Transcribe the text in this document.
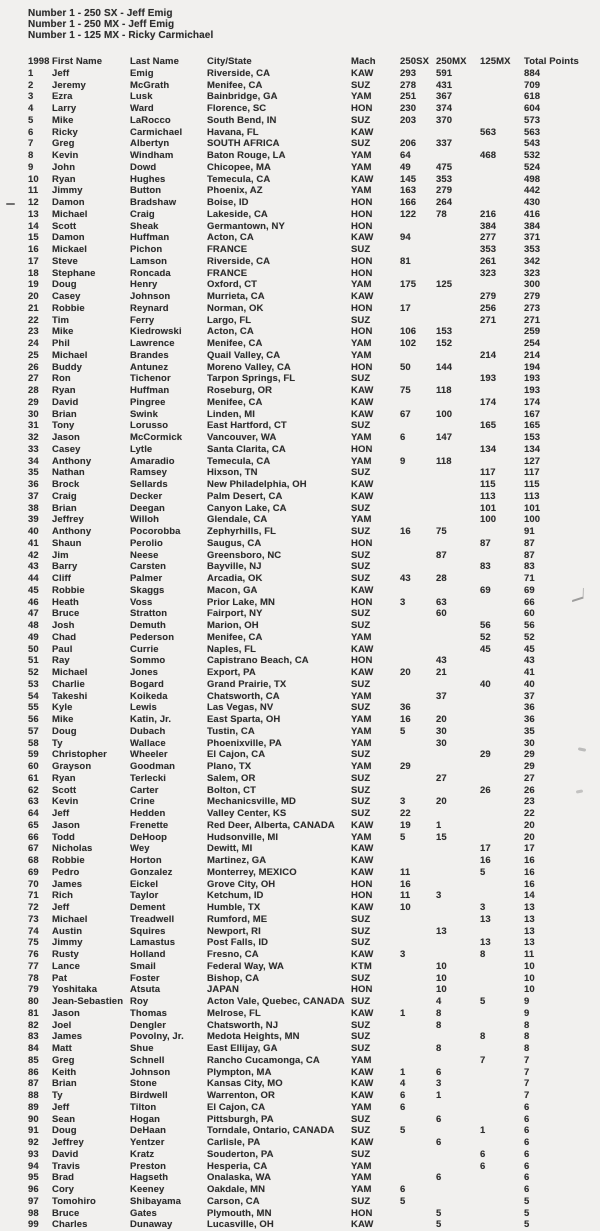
Number 1 - 250 SX - Jeff Emig
Number 1 - 250 MX - Jeff Emig
Number 1 - 125 MX - Ricky Carmichael
1998	First Name	Last Name	City/State	Mach	250SX	250MX	125MX	Total Points
1	Jeff	Emig	Riverside, CA	KAW	293	591		884
2	Jeremy	McGrath	Menifee, CA	SUZ	278	431		709
3	Ezra	Lusk	Bainbridge, GA	YAM	251	367		618
4	Larry	Ward	Florence, SC	HON	230	374		604
5	Mike	LaRocco	South Bend, IN	SUZ	203	370		573
6	Ricky	Carmichael	Havana, FL	KAW			563	563
7	Greg	Albertyn	SOUTH AFRICA	SUZ	206	337		543
8	Kevin	Windham	Baton Rouge, LA	YAM	64		468	532
9	John	Dowd	Chicopee, MA	YAM	49	475		524
10	Ryan	Hughes	Temecula, CA	KAW	145	353		498
11	Jimmy	Button	Phoenix, AZ	YAM	163	279		442
12	Damon	Bradshaw	Boise, ID	HON	166	264		430
13	Michael	Craig	Lakeside, CA	HON	122	78	216	416
14	Scott	Sheak	Germantown, NY	HON			384	384
15	Damon	Huffman	Acton, CA	KAW	94		277	371
16	Mickael	Pichon	FRANCE	SUZ			353	353
17	Steve	Lamson	Riverside, CA	HON	81		261	342
18	Stephane	Roncada	FRANCE	HON			323	323
19	Doug	Henry	Oxford, CT	YAM	175	125		300
20	Casey	Johnson	Murrieta, CA	KAW			279	279
21	Robbie	Reynard	Norman, OK	HON	17		256	273
22	Tim	Ferry	Largo, FL	SUZ			271	271
23	Mike	Kiedrowski	Acton, CA	HON	106	153		259
24	Phil	Lawrence	Menifee, CA	YAM	102	152		254
25	Michael	Brandes	Quail Valley, CA	YAM			214	214
26	Buddy	Antunez	Moreno Valley, CA	HON	50	144		194
27	Ron	Tichenor	Tarpon Springs, FL	SUZ			193	193
28	Ryan	Huffman	Roseburg, OR	KAW	75	118		193
29	David	Pingree	Menifee, CA	KAW			174	174
30	Brian	Swink	Linden, MI	KAW	67	100		167
31	Tony	Lorusso	East Hartford, CT	SUZ			165	165
32	Jason	McCormick	Vancouver, WA	YAM	6	147		153
33	Casey	Lytle	Santa Clarita, CA	HON			134	134
34	Anthony	Amaradio	Temecula, CA	YAM	9	118		127
35	Nathan	Ramsey	Hixson, TN	SUZ			117	117
36	Brock	Sellards	New Philadelphia, OH	KAW			115	115
37	Craig	Decker	Palm Desert, CA	KAW			113	113
38	Brian	Deegan	Canyon Lake, CA	SUZ			101	101
39	Jeffrey	Willoh	Glendale, CA	YAM			100	100
40	Anthony	Pocorobba	Zephyrhills, FL	SUZ	16	75		91
41	Shaun	Perolio	Saugus, CA	HON			87	87
42	Jim	Neese	Greensboro, NC	SUZ		87		87
43	Barry	Carsten	Bayville, NJ	SUZ			83	83
44	Cliff	Palmer	Arcadia, OK	SUZ	43	28		71
45	Robbie	Skaggs	Macon, GA	KAW			69	69
46	Heath	Voss	Prior Lake, MN	HON	3	63		66
47	Bruce	Stratton	Fairport, NY	SUZ		60		60
48	Josh	Demuth	Marion, OH	SUZ			56	56
49	Chad	Pederson	Menifee, CA	YAM			52	52
50	Paul	Currie	Naples, FL	KAW			45	45
51	Ray	Sommo	Capistrano Beach, CA	HON		43		43
52	Michael	Jones	Export, PA	KAW	20	21		41
53	Charlie	Bogard	Grand Prairie, TX	SUZ			40	40
54	Takeshi	Koikeda	Chatsworth, CA	YAM		37		37
55	Kyle	Lewis	Las Vegas, NV	SUZ	36			36
56	Mike	Katin, Jr.	East Sparta, OH	YAM	16	20		36
57	Doug	Dubach	Tustin, CA	YAM	5	30		35
58	Ty	Wallace	Phoenixville, PA	YAM		30		30
59	Christopher	Wheeler	El Cajon, CA	SUZ			29	29
60	Grayson	Goodman	Plano, TX	YAM	29			29
61	Ryan	Terlecki	Salem, OR	SUZ		27		27
62	Scott	Carter	Bolton, CT	SUZ			26	26
63	Kevin	Crine	Mechanicsville, MD	SUZ	3	20		23
64	Jeff	Hedden	Valley Center, KS	SUZ	22			22
65	Jason	Frenette	Red Deer, Alberta, CANADA	KAW	19	1		20
66	Todd	DeHoop	Hudsonville, MI	YAM	5	15		20
67	Nicholas	Wey	Dewitt, MI	KAW			17	17
68	Robbie	Horton	Martinez, GA	KAW			16	16
69	Pedro	Gonzalez	Monterrey, MEXICO	KAW	11		5	16
70	James	Eickel	Grove City, OH	HON	16			16
71	Rich	Taylor	Ketchum, ID	HON	11	3		14
72	Jeff	Dement	Humble, TX	KAW	10		3	13
73	Michael	Treadwell	Rumford, ME	SUZ			13	13
74	Austin	Squires	Newport, RI	SUZ		13		13
75	Jimmy	Lamastus	Post Falls, ID	SUZ			13	13
76	Rusty	Holland	Fresno, CA	KAW	3		8	11
77	Lance	Smail	Federal Way, WA	KTM		10		10
78	Pat	Foster	Bishop, CA	SUZ		10		10
79	Yoshitaka	Atsuta	JAPAN	HON		10		10
80	Jean-Sebastien	Roy	Acton Vale, Quebec, CANADA	SUZ		4	5	9
81	Jason	Thomas	Melrose, FL	KAW	1	8		9
82	Joel	Dengler	Chatsworth, NJ	SUZ		8		8
83	James	Povolny, Jr.	Medota Heights, MN	SUZ			8	8
84	Matt	Shue	East Ellijay, GA	SUZ		8		8
85	Greg	Schnell	Rancho Cucamonga, CA	YAM			7	7
86	Keith	Johnson	Plympton, MA	KAW	1	6		7
87	Brian	Stone	Kansas City, MO	KAW	4	3		7
88	Ty	Birdwell	Warrenton, OR	KAW	6	1		7
89	Jeff	Tilton	El Cajon, CA	YAM	6			6
90	Sean	Hogan	Pittsburgh, PA	SUZ		6		6
91	Doug	DeHaan	Torndale, Ontario, CANADA	SUZ	5		1	6
92	Jeffrey	Yentzer	Carlisle, PA	KAW		6		6
93	David	Kratz	Souderton, PA	SUZ			6	6
94	Travis	Preston	Hesperia, CA	YAM			6	6
95	Brad	Hagseth	Onalaska, WA	YAM		6		6
96	Cory	Keeney	Oakdale, MN	YAM	6			6
97	Tomohiro	Shibayama	Carson, CA	SUZ	5			5
98	Bruce	Gates	Plymouth, MN	HON		5		5
99	Charles	Dunaway	Lucasville, OH	KAW		5		5
